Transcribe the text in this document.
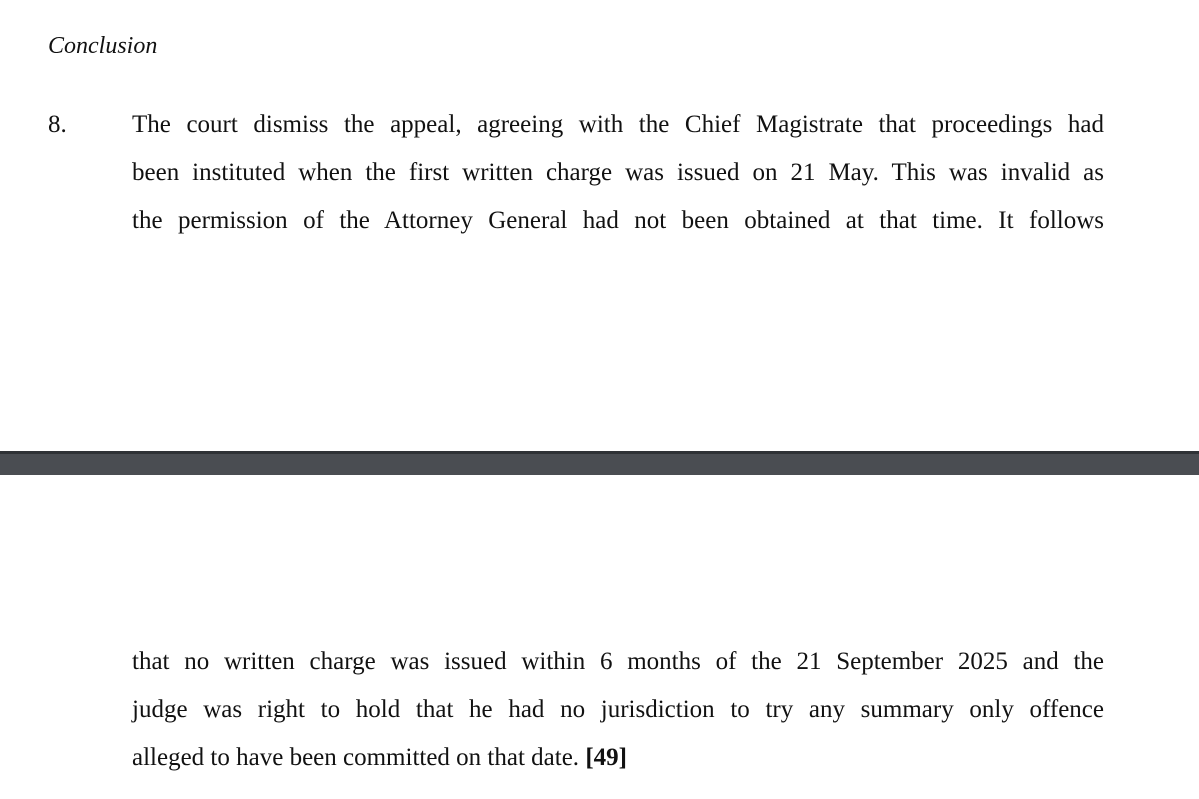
Conclusion
8.	The court dismiss the appeal, agreeing with the Chief Magistrate that proceedings had
been instituted when the first written charge was issued on 21 May. This was invalid as
the permission of the Attorney General had not been obtained at that time. It follows
that no written charge was issued within 6 months of the 21 September 2025 and the
judge was right to hold that he had no jurisdiction to try any summary only offence
alleged to have been committed on that date. [49]
